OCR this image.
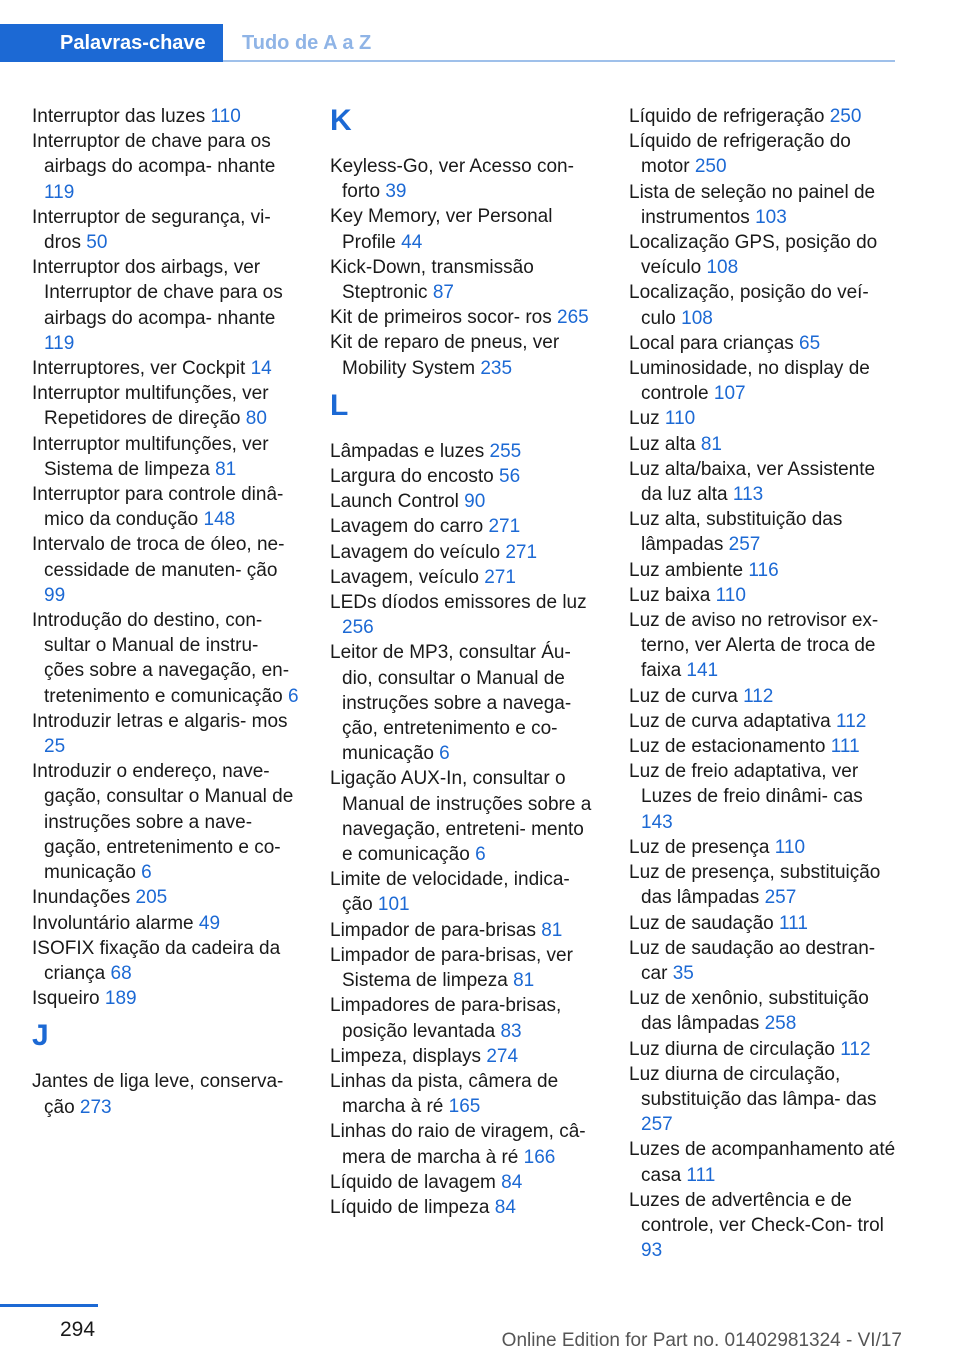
Palavras-chave	Tudo de A a Z

Interruptor das luzes 110

Interruptor de chave para os airbags do acompa‐ nhante 119

Interruptor de segurança, vi‐ dros 50

Interruptor dos airbags, ver Interruptor de chave para os airbags do acompa‐ nhante 119

Interruptores, ver Cockpit 14

Interruptor multifunções, ver Repetidores de direção 80

Interruptor multifunções, ver Sistema de limpeza 81

Interruptor para controle dinâ‐ mico da condução 148

Intervalo de troca de óleo, ne‐ cessidade de manuten‐ ção 99

Introdução do destino, con‐ sultar o Manual de instru‐ ções sobre a navegação, en‐ tretenimento e comunicação 6

Introduzir letras e algaris‐ mos 25

Introduzir o endereço, nave‐ gação, consultar o Manual de instruções sobre a nave‐ gação, entretenimento e co‐ municação 6

Inundações 205

Involuntário alarme 49

ISOFIX fixação da cadeira da criança 68

Isqueiro 189

J

Jantes de liga leve, conserva‐ ção 273

K

Keyless-Go, ver Acesso con‐ forto 39

Key Memory, ver Personal Profile 44

Kick-Down, transmissão Steptronic 87

Kit de primeiros socor‐ ros 265

Kit de reparo de pneus, ver Mobility System 235

L

Lâmpadas e luzes 255

Largura do encosto 56

Launch Control 90

Lavagem do carro 271

Lavagem do veículo 271

Lavagem, veículo 271

LEDs díodos emissores de luz 256

Leitor de MP3, consultar Áu‐ dio, consultar o Manual de instruções sobre a navega‐ ção, entretenimento e co‐ municação 6

Ligação AUX-In, consultar o Manual de instruções sobre a navegação, entreteni‐ mento e comunicação 6

Limite de velocidade, indica‐ ção 101

Limpador de para-brisas 81

Limpador de para-brisas, ver Sistema de limpeza 81

Limpadores de para-brisas, posição levantada 83

Limpeza, displays 274

Linhas da pista, câmera de marcha à ré 165

Linhas do raio de viragem, câ‐ mera de marcha à ré 166

Líquido de lavagem 84

Líquido de limpeza 84

Líquido de refrigeração 250

Líquido de refrigeração do motor 250

Lista de seleção no painel de instrumentos 103

Localização GPS, posição do veículo 108

Localização, posição do veí‐ culo 108

Local para crianças 65

Luminosidade, no display de controle 107

Luz 110

Luz alta 81

Luz alta/baixa, ver Assistente da luz alta 113

Luz alta, substituição das lâmpadas 257

Luz ambiente 116

Luz baixa 110

Luz de aviso no retrovisor ex‐ terno, ver Alerta de troca de faixa 141

Luz de curva 112

Luz de curva adaptativa 112

Luz de estacionamento 111

Luz de freio adaptativa, ver Luzes de freio dinâmi‐ cas 143

Luz de presença 110

Luz de presença, substituição das lâmpadas 257

Luz de saudação 111

Luz de saudação ao destran‐ car 35

Luz de xenônio, substituição das lâmpadas 258

Luz diurna de circulação 112

Luz diurna de circulação, substituição das lâmpa‐ das 257

Luzes de acompanhamento até casa 111

Luzes de advertência e de controle, ver Check-Con‐ trol 93

294	Online Edition for Part no. 01402981324 - VI/17
